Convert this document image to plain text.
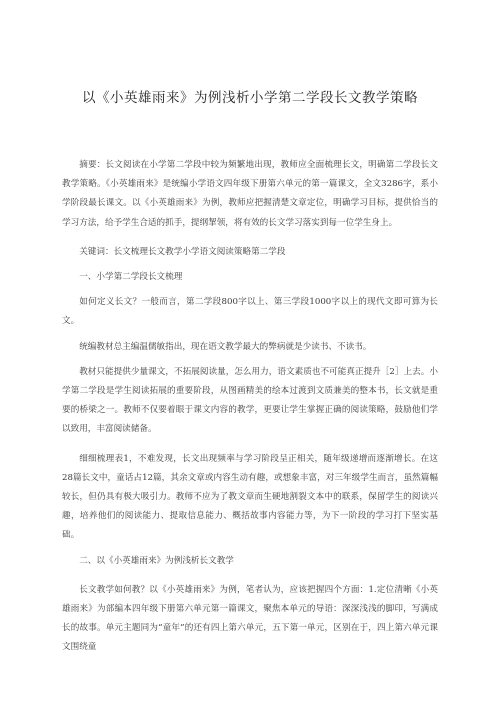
以《小英雄雨来》为例浅析小学第二学段长文教学策略

摘要：长文阅读在小学第二学段中较为频繁地出现，教师应全面梳理长文，明确第二学段长文教学策略。《小英雄雨来》是统编小学语文四年级下册第六单元的第一篇课文，全文3286字，系小学阶段最长课文。以《小英雄雨来》为例，教师应把握清楚文章定位，明确学习目标，提供恰当的学习方法，给予学生合适的抓手，提纲挈领，将有效的长文学习落实到每一位学生身上。

关键词：长文梳理长文教学小学语文阅读策略第二学段

一、小学第二学段长文梳理

如何定义长文？一般而言，第二学段800字以上、第三学段1000字以上的现代文即可算为长文。

统编教材总主编温儒敏指出，现在语文教学最大的弊病就是少读书、不读书。

教材只能提供少量课文，不拓展阅读量，怎么用力，语文素质也不可能真正提升［2］上去。小学第二学段是学生阅读拓展的重要阶段，从图画精美的绘本过渡到文质兼美的整本书，长文就是重要的桥梁之一。教师不仅要着眼于课文内容的教学，更要让学生掌握正确的阅读策略，鼓励他们学以致用，丰富阅读储备。

细细梳理表1，不难发现，长文出现频率与学习阶段呈正相关，随年级递增而逐渐增长。在这28篇长文中，童话占12篇，其余文章或内容生动有趣，或想象丰富，对三年级学生而言，虽然篇幅较长，但仍具有极大吸引力。教师不应为了教文章而生硬地割裂文本中的联系，保留学生的阅读兴趣，培养他们的阅读能力、提取信息能力、概括故事内容能力等，为下一阶段的学习打下坚实基础。

二、以《小英雄雨来》为例浅析长文教学

长文教学如何教？以《小英雄雨来》为例，笔者认为，应该把握四个方面：1.定位清晰《小英雄雨来》为部编本四年级下册第六单元第一篇课文，聚焦本单元的导语：深深浅浅的脚印，写满成长的故事。单元主题同为“童年”的还有四上第六单元，五下第一单元，区别在于，四上第六单元课文围绕童
